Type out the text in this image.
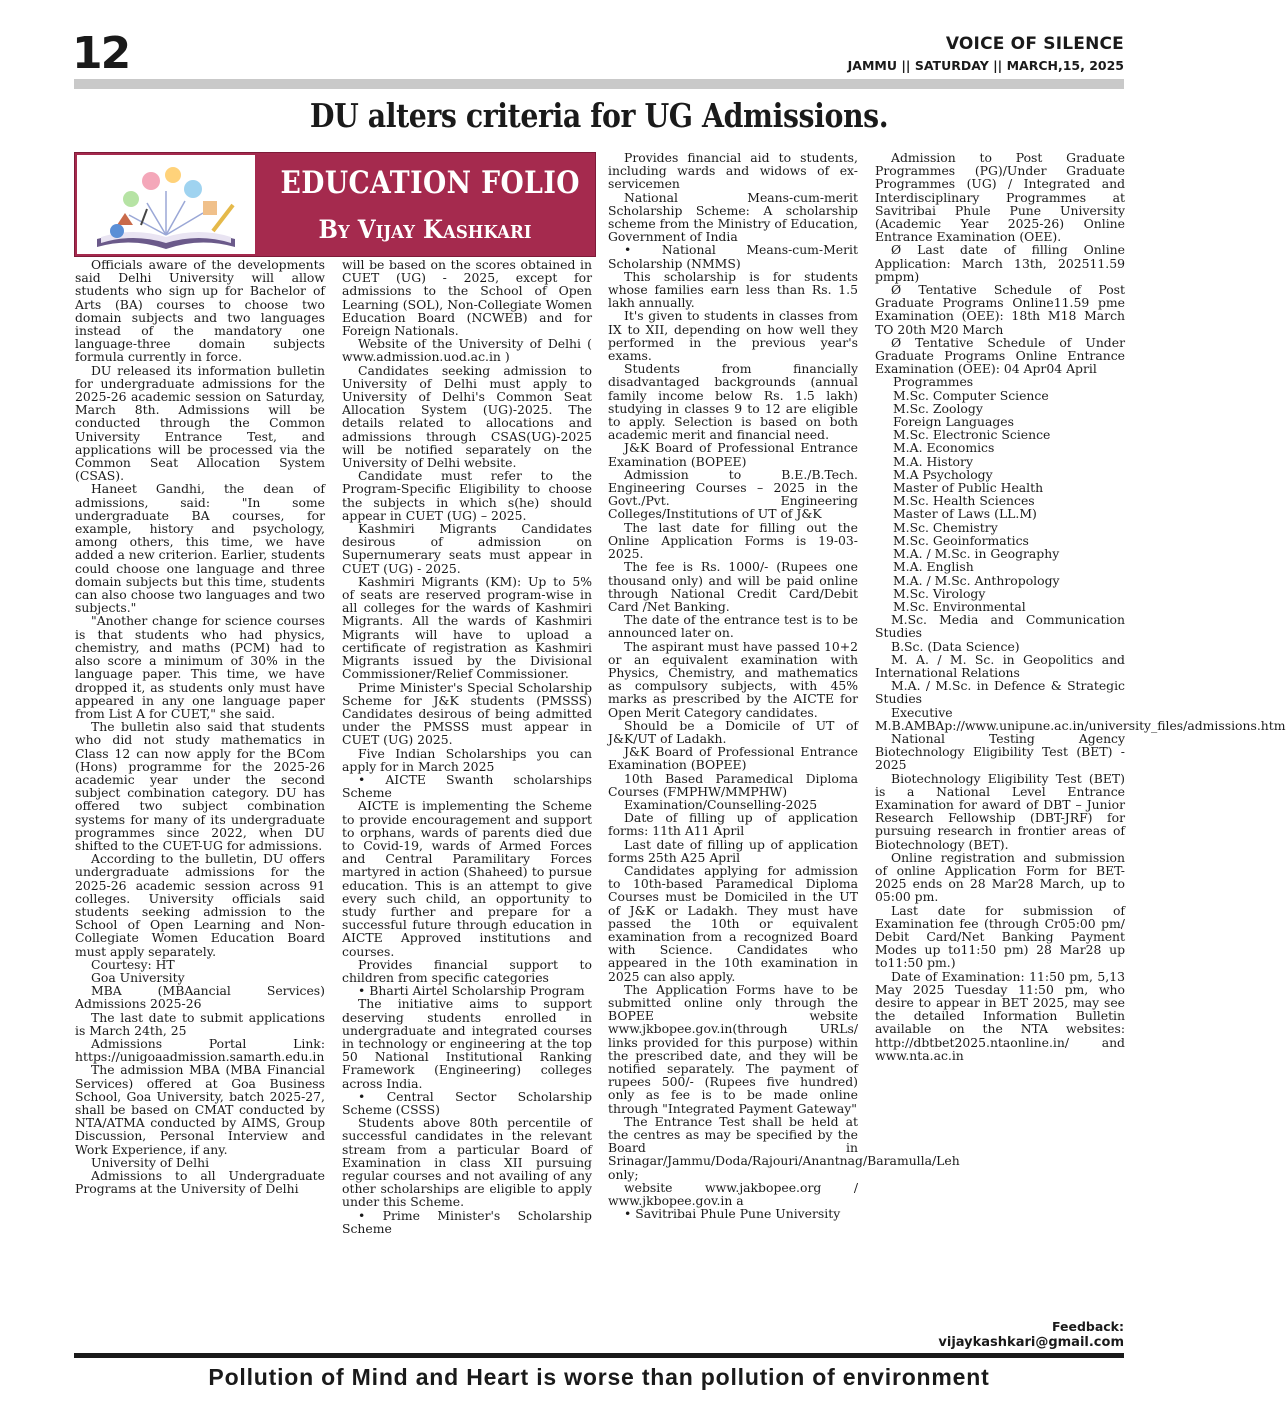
12	VOICE OF SILENCE
JAMMU || SATURDAY || MARCH,15, 2025
DU alters criteria for UG Admissions.
EDUCATION FOLIO
By Vijay Kashkari

Officials aware of the developments said Delhi University will allow students who sign up for Bachelor of Arts (BA) courses to choose two domain subjects and two languages instead of the mandatory one language-three domain subjects formula currently in force.

DU released its information bulletin for undergraduate admissions for the 2025-26 academic session on Saturday, March 8th. Admissions will be conducted through the Common University Entrance Test, and applications will be processed via the Common Seat Allocation System (CSAS).

Haneet Gandhi, the dean of admissions, said: "In some undergraduate BA courses, for example, history and psychology, among others, this time, we have added a new criterion. Earlier, students could choose one language and three domain subjects but this time, students can also choose two languages and two subjects."

"Another change for science courses is that students who had physics, chemistry, and maths (PCM) had to also score a minimum of 30% in the language paper. This time, we have dropped it, as students only must have appeared in any one language paper from List A for CUET," she said.

The bulletin also said that students who did not study mathematics in Class 12 can now apply for the BCom (Hons) programme for the 2025-26 academic year under the second subject combination category. DU has offered two subject combination systems for many of its undergraduate programmes since 2022, when DU shifted to the CUET-UG for admissions.

According to the bulletin, DU offers undergraduate admissions for the 2025-26 academic session across 91 colleges. University officials said students seeking admission to the School of Open Learning and Non-Collegiate Women Education Board must apply separately.

Courtesy: HT

Goa University

MBA (MBAancial Services) Admissions 2025-26

The last date to submit applications is March 24th, 25

Admissions Portal Link: https://unigoaadmission.samarth.edu.in

The admission MBA (MBA Financial Services) offered at Goa Business School, Goa University, batch 2025-27, shall be based on CMAT conducted by NTA/ATMA conducted by AIMS, Group Discussion, Personal Interview and Work Experience, if any.

University of Delhi

Admissions to all Undergraduate Programs at the University of Delhi

will be based on the scores obtained in CUET (UG) - 2025, except for admissions to the School of Open Learning (SOL), Non-Collegiate Women Education Board (NCWEB) and for Foreign Nationals.

Website of the University of Delhi ( www.admission.uod.ac.in )

Candidates seeking admission to University of Delhi must apply to University of Delhi's Common Seat Allocation System (UG)-2025. The details related to allocations and admissions through CSAS(UG)-2025 will be notified separately on the University of Delhi website.

Candidate must refer to the Program-Specific Eligibility to choose the subjects in which s(he) should appear in CUET (UG) – 2025.

Kashmiri Migrants Candidates desirous of admission on Supernumerary seats must appear in CUET (UG) - 2025.

Kashmiri Migrants (KM): Up to 5% of seats are reserved program-wise in all colleges for the wards of Kashmiri Migrants. All the wards of Kashmiri Migrants will have to upload a certificate of registration as Kashmiri Migrants issued by the Divisional Commissioner/Relief Commissioner.

Prime Minister's Special Scholarship Scheme for J&K students (PMSSS) Candidates desirous of being admitted under the PMSSS must appear in CUET (UG) 2025.

Five Indian Scholarships you can apply for in March 2025

• AICTE Swanth scholarships Scheme

AICTE is implementing the Scheme to provide encouragement and support to orphans, wards of parents died due to Covid-19, wards of Armed Forces and Central Paramilitary Forces martyred in action (Shaheed) to pursue education. This is an attempt to give every such child, an opportunity to study further and prepare for a successful future through education in AICTE Approved institutions and courses.

Provides financial support to children from specific categories

• Bharti Airtel Scholarship Program

The initiative aims to support deserving students enrolled in undergraduate and integrated courses in technology or engineering at the top 50 National Institutional Ranking Framework (Engineering) colleges across India.

• Central Sector Scholarship Scheme (CSSS)

Students above 80th percentile of successful candidates in the relevant stream from a particular Board of Examination in class XII pursuing regular courses and not availing of any other scholarships are eligible to apply under this Scheme.

• Prime Minister's Scholarship Scheme

Provides financial aid to students, including wards and widows of ex-servicemen

National Means-cum-merit Scholarship Scheme: A scholarship scheme from the Ministry of Education, Government of India

• National Means-cum-Merit Scholarship (NMMS)

This scholarship is for students whose families earn less than Rs. 1.5 lakh annually.

It's given to students in classes from IX to XII, depending on how well they performed in the previous year's exams.

Students from financially disadvantaged backgrounds (annual family income below Rs. 1.5 lakh) studying in classes 9 to 12 are eligible to apply. Selection is based on both academic merit and financial need.

J&K Board of Professional Entrance Examination (BOPEE)

Admission to B.E./B.Tech. Engineering Courses – 2025 in the Govt./Pvt. Engineering Colleges/Institutions of UT of J&K

The last date for filling out the Online Application Forms is 19-03-2025.

The fee is Rs. 1000/- (Rupees one thousand only) and will be paid online through National Credit Card/Debit Card /Net Banking.

The date of the entrance test is to be announced later on.

The aspirant must have passed 10+2 or an equivalent examination with Physics, Chemistry, and mathematics as compulsory subjects, with 45% marks as prescribed by the AICTE for Open Merit Category candidates.

Should be a Domicile of UT of J&K/UT of Ladakh.

J&K Board of Professional Entrance Examination (BOPEE)

10th Based Paramedical Diploma Courses (FMPHW/MMPHW)

Examination/Counselling-2025

Date of filling up of application forms: 11th A11 April

Last date of filling up of application forms 25th A25 April

Candidates applying for admission to 10th-based Paramedical Diploma Courses must be Domiciled in the UT of J&K or Ladakh. They must have passed the 10th or equivalent examination from a recognized Board with Science. Candidates who appeared in the 10th examination in 2025 can also apply.

The Application Forms have to be submitted online only through the BOPEE website www.jkbopee.gov.in(through URLs/ links provided for this purpose) within the prescribed date, and they will be notified separately. The payment of rupees 500/- (Rupees five hundred) only as fee is to be made online through "Integrated Payment Gateway"

The Entrance Test shall be held at the centres as may be specified by the Board in Srinagar/Jammu/Doda/Rajouri/Anantnag/Baramulla/Leh only;

website www.jakbopee.org / www.jkbopee.gov.in a

• Savitribai Phule Pune University

Admission to Post Graduate Programmes (PG)/Under Graduate Programmes (UG) / Integrated and Interdisciplinary Programmes at Savitribai Phule Pune University (Academic Year 2025-26) Online Entrance Examination (OEE).

Ø Last date of filling Online Application: March 13th, 202511.59 pmpm)

Ø Tentative Schedule of Post Graduate Programs Online11.59 pme Examination (OEE): 18th M18 March TO 20th M20 March

Ø Tentative Schedule of Under Graduate Programs Online Entrance Examination (OEE): 04 Apr04 April

Programmes

M.Sc. Computer Science

M.Sc. Zoology

Foreign Languages

M.Sc. Electronic Science

M.A. Economics

M.A. History

M.A Psychology

Master of Public Health

M.Sc. Health Sciences

Master of Laws (LL.M)

M.Sc. Chemistry

M.Sc. Geoinformatics

M.A. / M.Sc. in Geography

M.A. English

M.A. / M.Sc. Anthropology

M.Sc. Virology

M.Sc. Environmental

M.Sc. Media and Communication Studies

B.Sc. (Data Science)

M. A. / M. Sc. in Geopolitics and International Relations

M.A. / M.Sc. in Defence & Strategic Studies

Executive M.B.AMBAp://www.unipune.ac.in/university_files/admissions.htm

National Testing Agency Biotechnology Eligibility Test (BET) - 2025

Biotechnology Eligibility Test (BET) is a National Level Entrance Examination for award of DBT – Junior Research Fellowship (DBT-JRF) for pursuing research in frontier areas of Biotechnology (BET).

Online registration and submission of online Application Form for BET-2025 ends on 28 Mar28 March, up to 05:00 pm.

Last date for submission of Examination fee (through Cr05:00 pm/ Debit Card/Net Banking Payment Modes up to11:50 pm) 28 Mar28 up to11:50 pm.)

Date of Examination: 11:50 pm, 5,13 May 2025 Tuesday 11:50 pm, who desire to appear in BET 2025, may see the detailed Information Bulletin available on the NTA websites: http://dbtbet2025.ntaonline.in/ and www.nta.ac.in

Feedback:
vijaykashkari@gmail.com
Pollution of Mind and Heart is worse than pollution of environment
